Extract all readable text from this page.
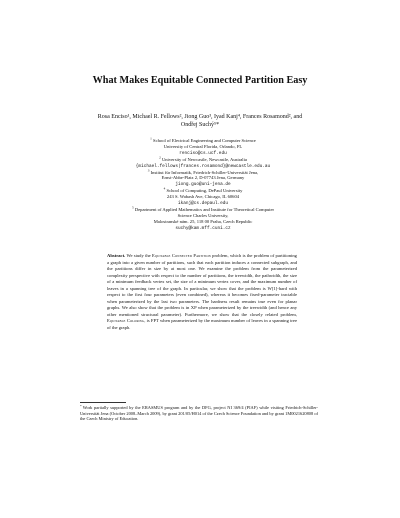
What Makes Equitable Connected Partition Easy
Rosa Enciso¹, Michael R. Fellows², Jiong Guo³, Iyad Kanj⁴, Frances Rosamond², and Ondřej Suchý⁵*
$^1$ School of Electrical Engineering and Computer Science
University of Central Florida, Orlando, FL
renciso@cs.ucf.edu
$^2$ University of Newcastle, Newcastle, Australia
{michael.fellows|frances.rosamond}@newcastle.edu.au
$^3$ Institut für Informatik, Friedrich-Schiller-Universität Jena,
Ernst-Abbe-Platz 2, D-07743 Jena, Germany
jiong.guo@uni-jena.de
$^4$ School of Computing, DePaul University
243 S. Wabash Ave, Chicago, IL 60604
ikanj@cs.depaul.edu
$^5$ Department of Applied Mathematics and Institute for Theoretical Computer
Science Charles University,
Malostranské nám. 25, 118 00 Praha, Czech Republic
suchy@kam.mff.cuni.cz
Abstract. We study the Equitable Connected Partition problem, which is the problem of partitioning a graph into a given number of partitions, such that each partition induces a connected subgraph, and the partitions differ in size by at most one. We examine the problem from the parameterized complexity perspective with respect to the number of partitions, the treewidth, the pathwidth, the size of a minimum feedback vertex set, the size of a minimum vertex cover, and the maximum number of leaves in a spanning tree of the graph. In particular, we show that the problem is W[1]-hard with respect to the first four parameters (even combined), whereas it becomes fixed-parameter tractable when parameterized by the last two parameters. The hardness result remains true even for planar graphs. We also show that the problem is in XP when parameterized by the treewidth (and hence any other mentioned structural parameter). Furthermore, we show that the closely related problem, Equitable Coloring, is FPT when parameterized by the maximum number of leaves in a spanning tree of the graph.
*Work partially supported by the ERASMUS program and by the DFG, project NI 369/4 (PIAF) while visiting Friedrich-Schiller-Universität Jena (October 2008–March 2009), by grant 201/05/H014 of the Czech Science Foundation and by grant 1M0021620808 of the Czech Ministry of Education.
